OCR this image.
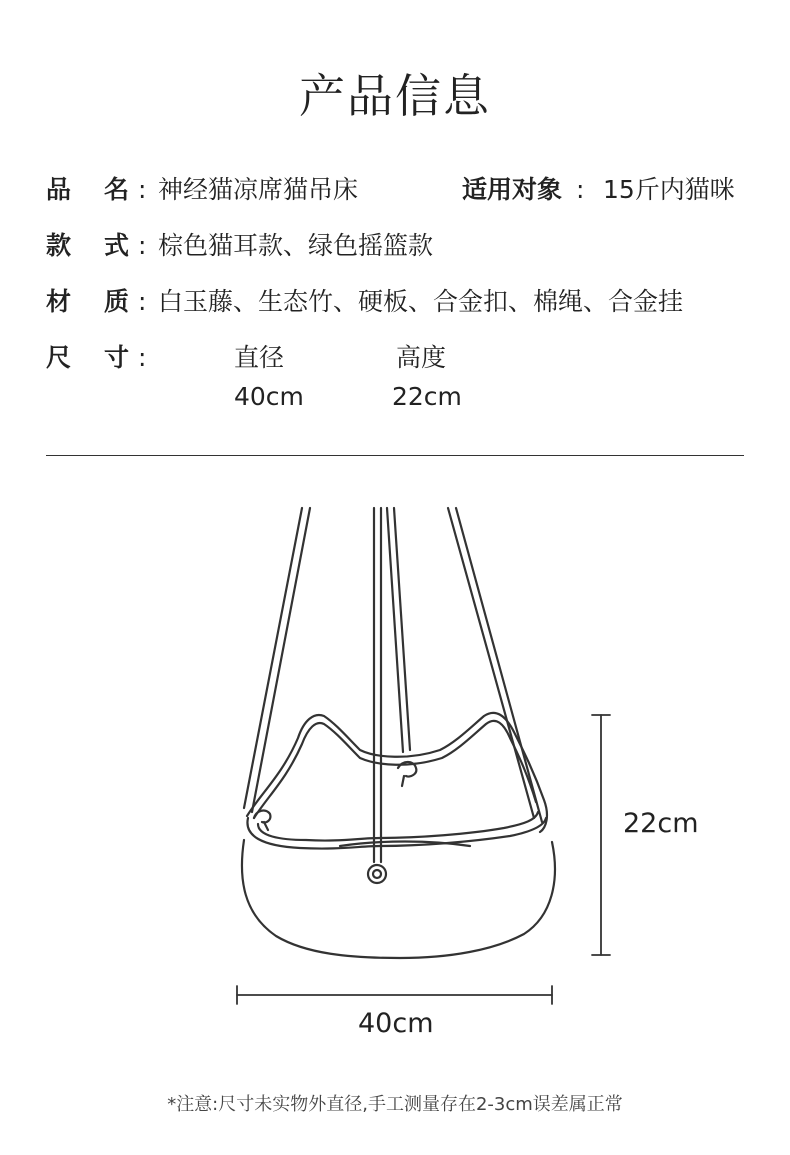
产品信息
品 名 : 神经猫凉席猫吊床	适用对象 : 15斤内猫咪
款 式 : 棕色猫耳款、绿色摇篮款
材 质 : 白玉藤、生态竹、硬板、合金扣、棉绳、合金挂
尺 寸 :	直径
40cm
高度
22cm
22cm
40cm
*注意:尺寸未实物外直径,手工测量存在2-3cm误差属正常
